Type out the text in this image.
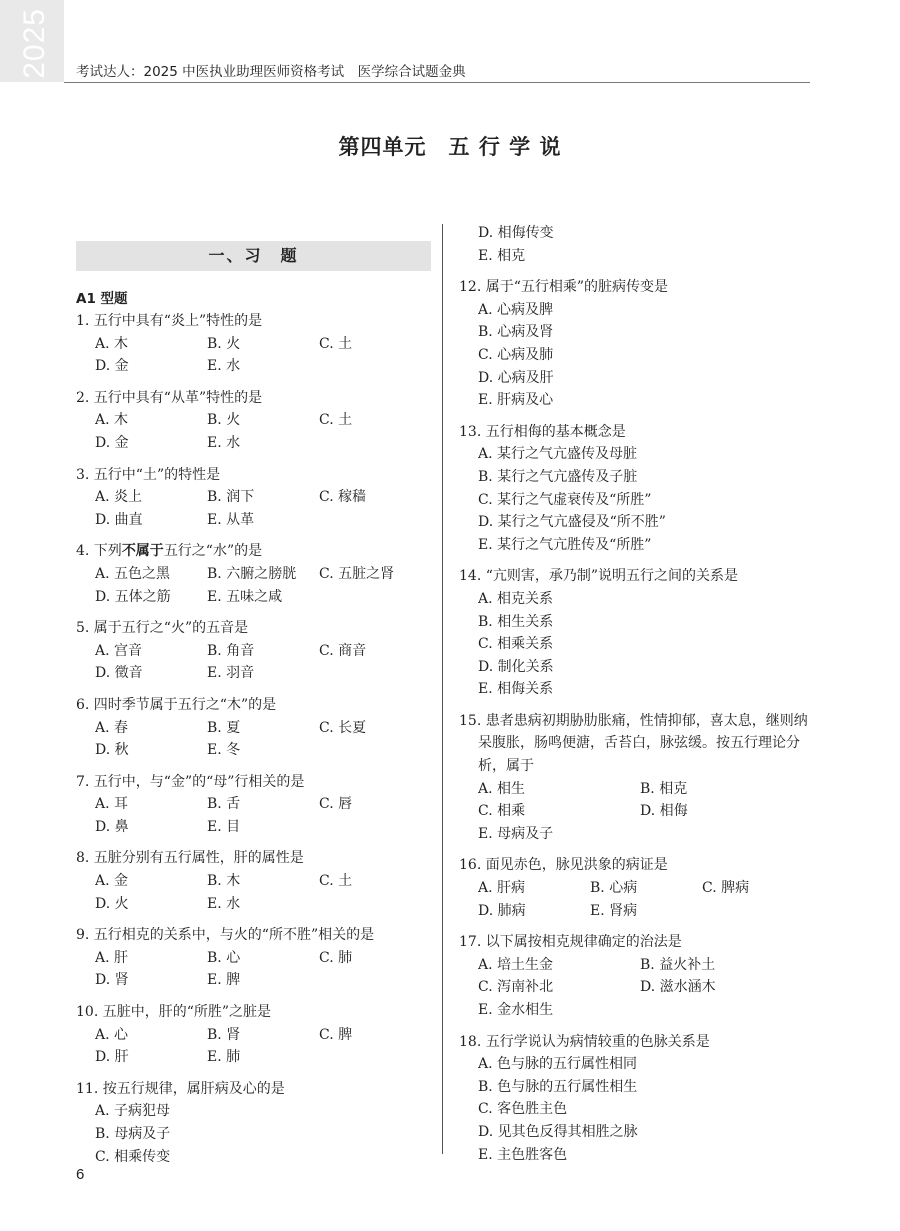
2025 考试达人：2025 中医执业助理医师资格考试　医学综合试题金典
第四单元　五 行 学 说
一、习　题
A1 型题
1. 五行中具有“炎上”特性的是
A. 木	B. 火	C. 土
D. 金	E. 水
2. 五行中具有“从革”特性的是
A. 木	B. 火	C. 土
D. 金	E. 水
3. 五行中“土”的特性是
A. 炎上	B. 润下	C. 稼穑
D. 曲直	E. 从革
4. 下列不属于五行之“水”的是
A. 五色之黑	B. 六腑之膀胱	C. 五脏之肾
D. 五体之筋	E. 五味之咸
5. 属于五行之“火”的五音是
A. 宫音	B. 角音	C. 商音
D. 徵音	E. 羽音
6. 四时季节属于五行之“木”的是
A. 春	B. 夏	C. 长夏
D. 秋	E. 冬
7. 五行中，与“金”的“母”行相关的是
A. 耳	B. 舌	C. 唇
D. 鼻	E. 目
8. 五脏分别有五行属性，肝的属性是
A. 金	B. 木	C. 土
D. 火	E. 水
9. 五行相克的关系中，与火的“所不胜”相关的是
A. 肝	B. 心	C. 肺
D. 肾	E. 脾
10. 五脏中，肝的“所胜”之脏是
A. 心	B. 肾	C. 脾
D. 肝	E. 肺
11. 按五行规律，属肝病及心的是
A. 子病犯母
B. 母病及子
C. 相乘传变
D. 相侮传变
E. 相克
12. 属于“五行相乘”的脏病传变是
A. 心病及脾
B. 心病及肾
C. 心病及肺
D. 心病及肝
E. 肝病及心
13. 五行相侮的基本概念是
A. 某行之气亢盛传及母脏
B. 某行之气亢盛传及子脏
C. 某行之气虚衰传及“所胜”
D. 某行之气亢盛侵及“所不胜”
E. 某行之气亢胜传及“所胜”
14. “亢则害，承乃制”说明五行之间的关系是
A. 相克关系
B. 相生关系
C. 相乘关系
D. 制化关系
E. 相侮关系
15. 患者患病初期胁肋胀痛，性情抑郁，喜太息，继则纳呆腹胀，肠鸣便溏，舌苔白，脉弦缓。按五行理论分析，属于
A. 相生	B. 相克
C. 相乘	D. 相侮
E. 母病及子
16. 面见赤色，脉见洪象的病证是
A. 肝病	B. 心病	C. 脾病
D. 肺病	E. 肾病
17. 以下属按相克规律确定的治法是
A. 培土生金	B. 益火补土
C. 泻南补北	D. 滋水涵木
E. 金水相生
18. 五行学说认为病情较重的色脉关系是
A. 色与脉的五行属性相同
B. 色与脉的五行属性相生
C. 客色胜主色
D. 见其色反得其相胜之脉
E. 主色胜客色
6
